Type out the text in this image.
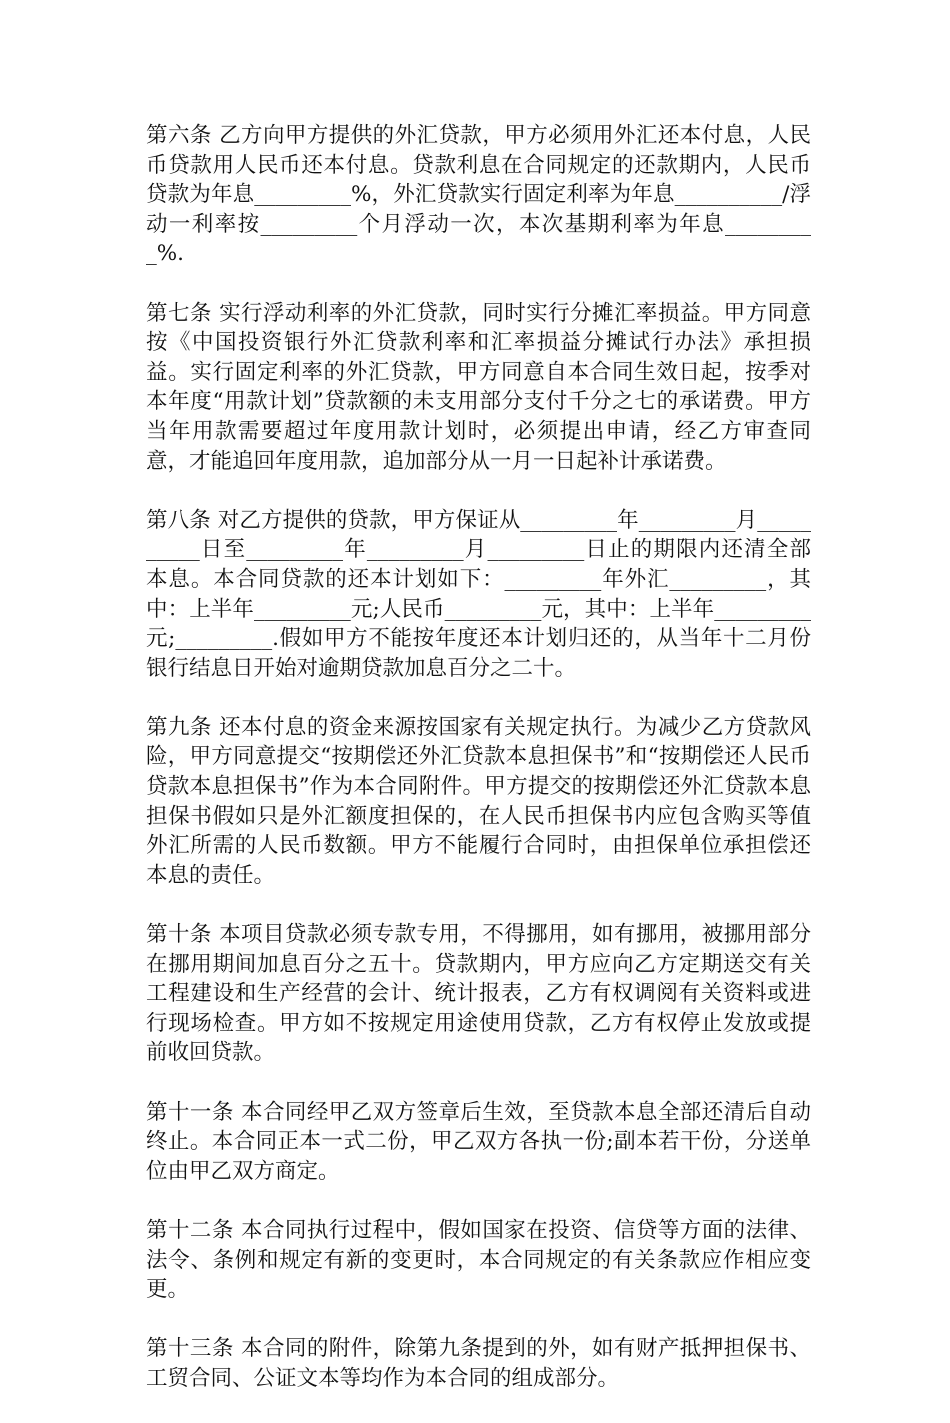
第六条 乙方向甲方提供的外汇贷款，甲方必须用外汇还本付息，人民币贷款用人民币还本付息。贷款利息在合同规定的还款期内，人民币贷款为年息_________%，外汇贷款实行固定利率为年息__________/浮动一利率按_________个月浮动一次，本次基期利率为年息_________%.

第七条 实行浮动利率的外汇贷款，同时实行分摊汇率损益。甲方同意按《中国投资银行外汇贷款利率和汇率损益分摊试行办法》承担损益。实行固定利率的外汇贷款，甲方同意自本合同生效日起，按季对本年度“用款计划”贷款额的未支用部分支付千分之七的承诺费。甲方当年用款需要超过年度用款计划时，必须提出申请，经乙方审查同意，才能追回年度用款，追加部分从一月一日起补计承诺费。

第八条 对乙方提供的贷款，甲方保证从_________年_________月__________日至_________年_________月_________日止的期限内还清全部本息。本合同贷款的还本计划如下：_________年外汇_________，其中：上半年_________元;人民币_________元，其中：上半年_________元;_________.假如甲方不能按年度还本计划归还的，从当年十二月份银行结息日开始对逾期贷款加息百分之二十。

第九条 还本付息的资金来源按国家有关规定执行。为减少乙方贷款风险，甲方同意提交“按期偿还外汇贷款本息担保书”和“按期偿还人民币贷款本息担保书”作为本合同附件。甲方提交的按期偿还外汇贷款本息担保书假如只是外汇额度担保的，在人民币担保书内应包含购买等值外汇所需的人民币数额。甲方不能履行合同时，由担保单位承担偿还本息的责任。

第十条 本项目贷款必须专款专用，不得挪用，如有挪用，被挪用部分在挪用期间加息百分之五十。贷款期内，甲方应向乙方定期送交有关工程建设和生产经营的会计、统计报表，乙方有权调阅有关资料或进行现场检查。甲方如不按规定用途使用贷款，乙方有权停止发放或提前收回贷款。

第十一条 本合同经甲乙双方签章后生效，至贷款本息全部还清后自动终止。本合同正本一式二份，甲乙双方各执一份;副本若干份，分送单位由甲乙双方商定。

第十二条 本合同执行过程中，假如国家在投资、信贷等方面的法律、法令、条例和规定有新的变更时，本合同规定的有关条款应作相应变更。

第十三条 本合同的附件，除第九条提到的外，如有财产抵押担保书、工贸合同、公证文本等均作为本合同的组成部分。
